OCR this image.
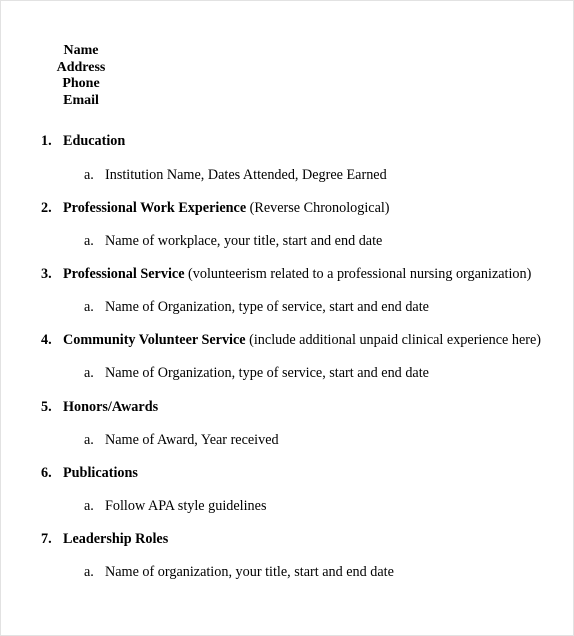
Name
Address
Phone
Email
1. Education
a. Institution Name, Dates Attended, Degree Earned
2. Professional Work Experience (Reverse Chronological)
a. Name of workplace, your title, start and end date
3. Professional Service (volunteerism related to a professional nursing organization)
a. Name of Organization, type of service, start and end date
4. Community Volunteer Service (include additional unpaid clinical experience here)
a. Name of Organization, type of service, start and end date
5. Honors/Awards
a. Name of Award, Year received
6. Publications
a. Follow APA style guidelines
7. Leadership Roles
a. Name of organization, your title, start and end date
